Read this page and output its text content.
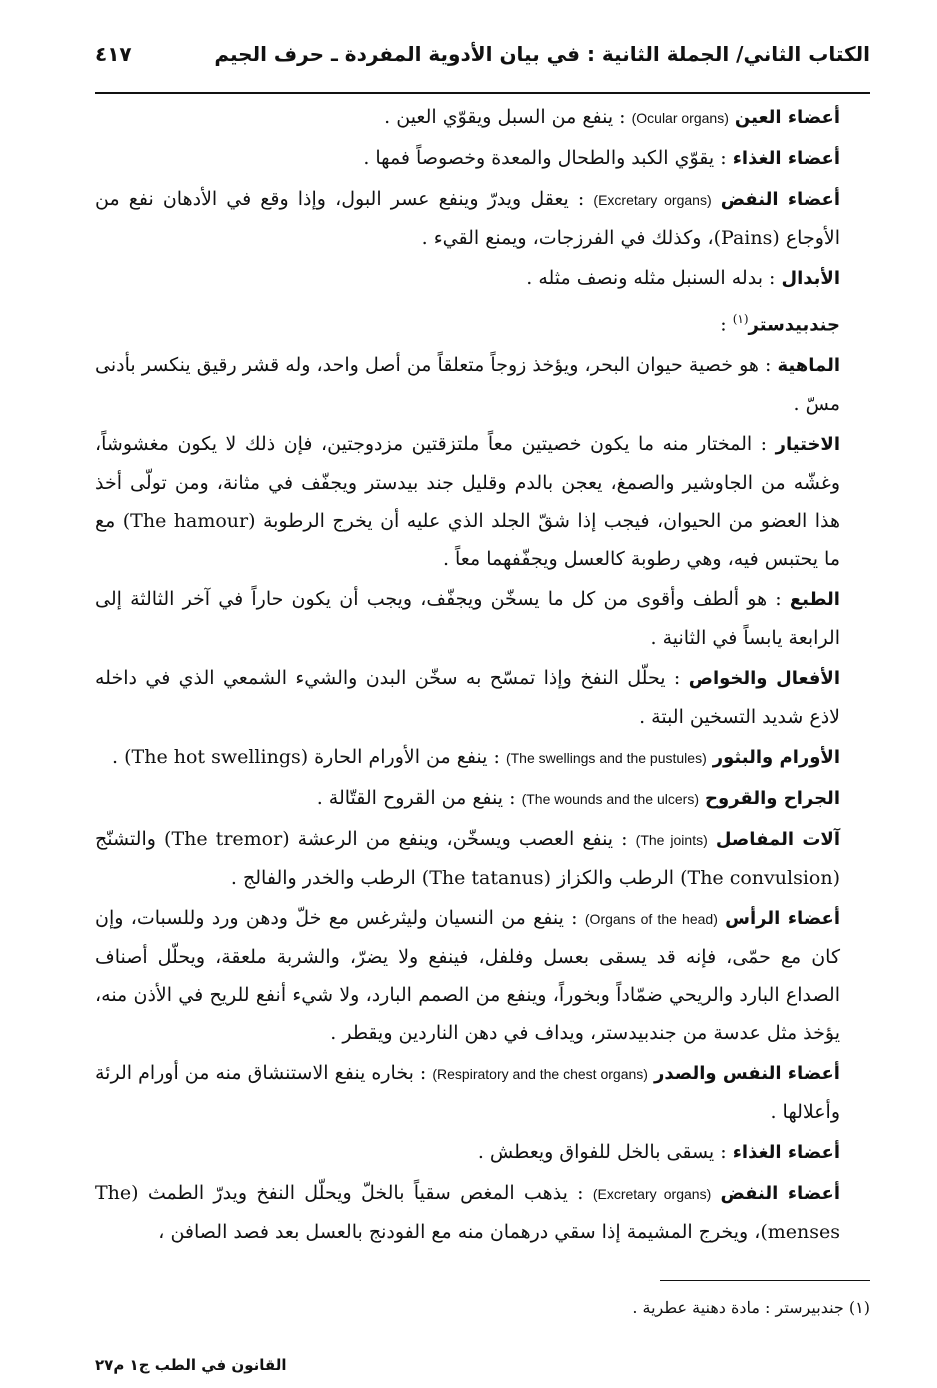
الكتاب الثاني/ الجملة الثانية : في بيان الأدوية المفردة ـ حرف الجيم
٤١٧

أعضاء العين (Ocular organs) : ينفع من السبل ويقوّي العين .

أعضاء الغذاء : يقوّي الكبد والطحال والمعدة وخصوصاً فمها .

أعضاء النفض (Excretary organs) : يعقل ويدرّ وينفع عسر البول، وإذا وقع في الأدهان نفع من الأوجاع (Pains)، وكذلك في الفرزجات، ويمنع القيء .

الأبدال : بدله السنبل مثله ونصف مثله .

جندبيدستر$^{(١)}$ :

الماهية : هو خصية حيوان البحر، ويؤخذ زوجاً متعلقاً من أصل واحد، وله قشر رقيق ينكسر بأدنى مسّ .

الاختيار : المختار منه ما يكون خصيتين معاً ملتزقتين مزدوجتين، فإن ذلك لا يكون مغشوشاً، وغشّه من الجاوشير والصمغ، يعجن بالدم وقليل جند بيدستر ويجفّف في مثانة، ومن تولّى أخذ هذا العضو من الحيوان، فيجب إذا شقّ الجلد الذي عليه أن يخرج الرطوبة (The hamour) مع ما يحتبس فيه، وهي رطوبة كالعسل ويجفّفهما معاً .

الطبع : هو ألطف وأقوى من كل ما يسخّن ويجفّف، ويجب أن يكون حاراً في آخر الثالثة إلى الرابعة يابساً في الثانية .

الأفعال والخواص : يحلّل النفخ وإذا تمسّح به سخّن البدن والشيء الشمعي الذي في داخله لاذع شديد التسخين البتة .

الأورام والبثور (The swellings and the pustules) : ينفع من الأورام الحارة (The hot swellings) .

الجراح والقروح (The wounds and the ulcers) : ينفع من القروح القتّالة .

آلات المفاصل (The joints) : ينفع العصب ويسخّن، وينفع من الرعشة (The tremor) والتشنّج (The convulsion) الرطب والكزاز (The tatanus) الرطب والخدر والفالج .

أعضاء الرأس (Organs of the head) : ينفع من النسيان وليثرغس مع خلّ ودهن ورد وللسبات، وإن كان مع حمّى، فإنه قد يسقى بعسل وفلفل، فينفع ولا يضرّ، والشربة ملعقة، ويحلّل أصناف الصداع البارد والريحي ضمّاداً وبخوراً، وينفع من الصمم البارد، ولا شيء أنفع للريح في الأذن منه، يؤخذ مثل عدسة من جندبيدستر، ويداف في دهن الناردين ويقطر .

أعضاء النفس والصدر (Respiratory and the chest organs) : بخاره ينفع الاستنشاق منه من أورام الرئة وأعلالها .

أعضاء الغذاء : يسقى بالخل للفواق ويعطش .

أعضاء النفض (Excretary organs) : يذهب المغص سقياً بالخلّ ويحلّل النفخ ويدرّ الطمث (The menses)، ويخرج المشيمة إذا سقي درهمان منه مع الفودنج بالعسل بعد فصد الصافن ،

(١) جندبيرستر : مادة دهنية عطرية .
القانون في الطب ج١ م٢٧
